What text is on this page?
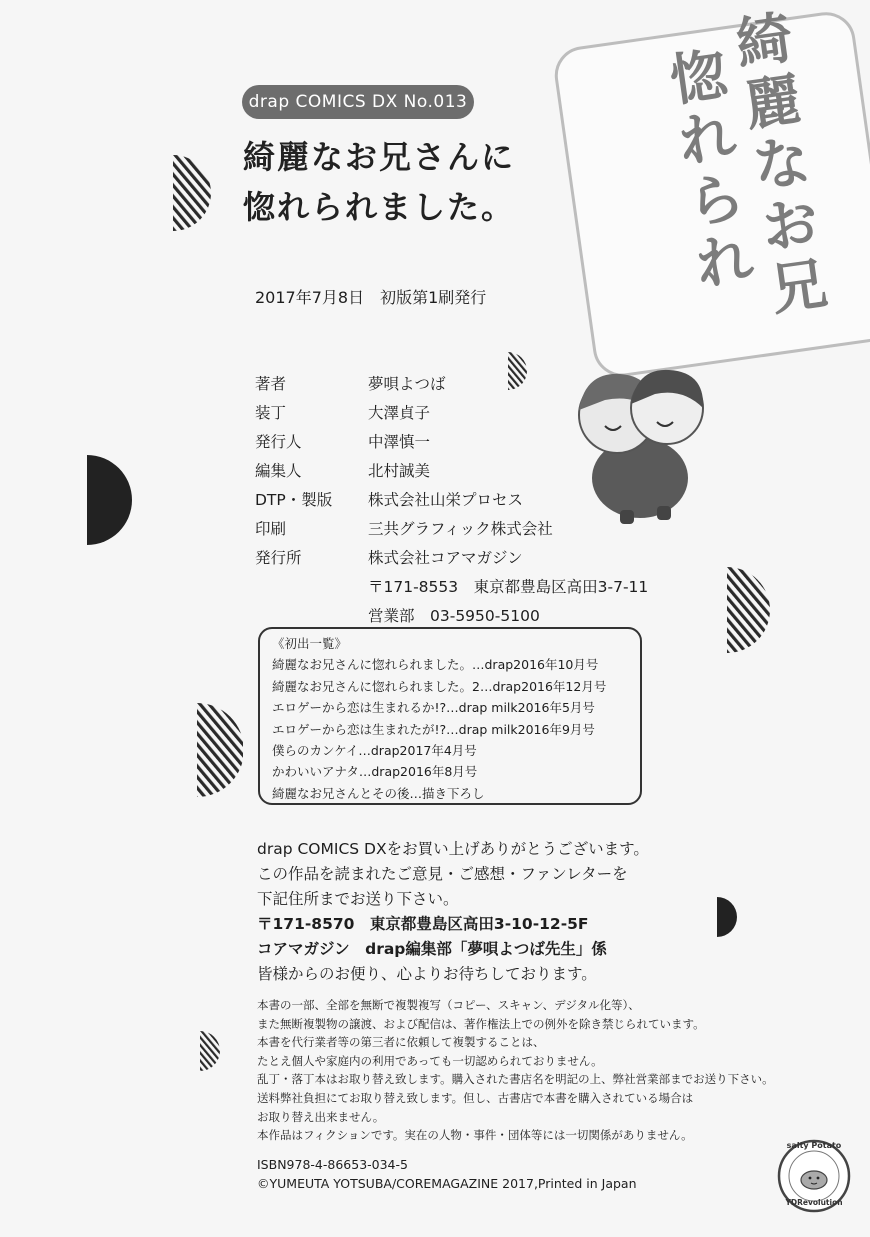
drap COMICS DX No.013
綺麗なお兄さんに
惚れられました。
2017年7月8日　初版第1刷発行
著者	夢唄よつば
装丁	大澤貞子
発行人	中澤慎一
編集人	北村誠美
DTP・製版 株式会社山栄プロセス
印刷	三共グラフィック株式会社
発行所	株式会社コアマガジン
〒171-8553　東京都豊島区高田3-7-11
営業部　03-5950-5100
《初出一覧》
綺麗なお兄さんに惚れられました。…drap2016年10月号
綺麗なお兄さんに惚れられました。2…drap2016年12月号
エロゲーから恋は生まれるか!?…drap milk2016年5月号
エロゲーから恋は生まれたが!?…drap milk2016年9月号
僕らのカンケイ…drap2017年4月号
かわいいアナタ…drap2016年8月号
綺麗なお兄さんとその後…描き下ろし
drap COMICS DXをお買い上げありがとうございます。
この作品を読まれたご意見・ご感想・ファンレターを
下記住所までお送り下さい。
〒171-8570　東京都豊島区高田3-10-12-5F
コアマガジン　drap編集部「夢唄よつば先生」係
皆様からのお便り、心よりお待ちしております。
本書の一部、全部を無断で複製複写（コピー、スキャン、デジタル化等）、
また無断複製物の譲渡、および配信は、著作権法上での例外を除き禁じられています。
本書を代行業者等の第三者に依頼して複製することは、
たとえ個人や家庭内の利用であっても一切認められておりません。
乱丁・落丁本はお取り替え致します。購入された書店名を明記の上、弊社営業部までお送り下さい。
送料弊社負担にてお取り替え致します。但し、古書店で本書を購入されている場合は
お取り替え出来ません。
本作品はフィクションです。実在の人物・事件・団体等には一切関係がありません。
ISBN978-4-86653-034-5
©YUMEUTA YOTSUBA/COREMAGAZINE 2017,Printed in Japan
綺
麗
な
お
兄
惚
れ
ら
れ
salty Potato
YDRevolution
